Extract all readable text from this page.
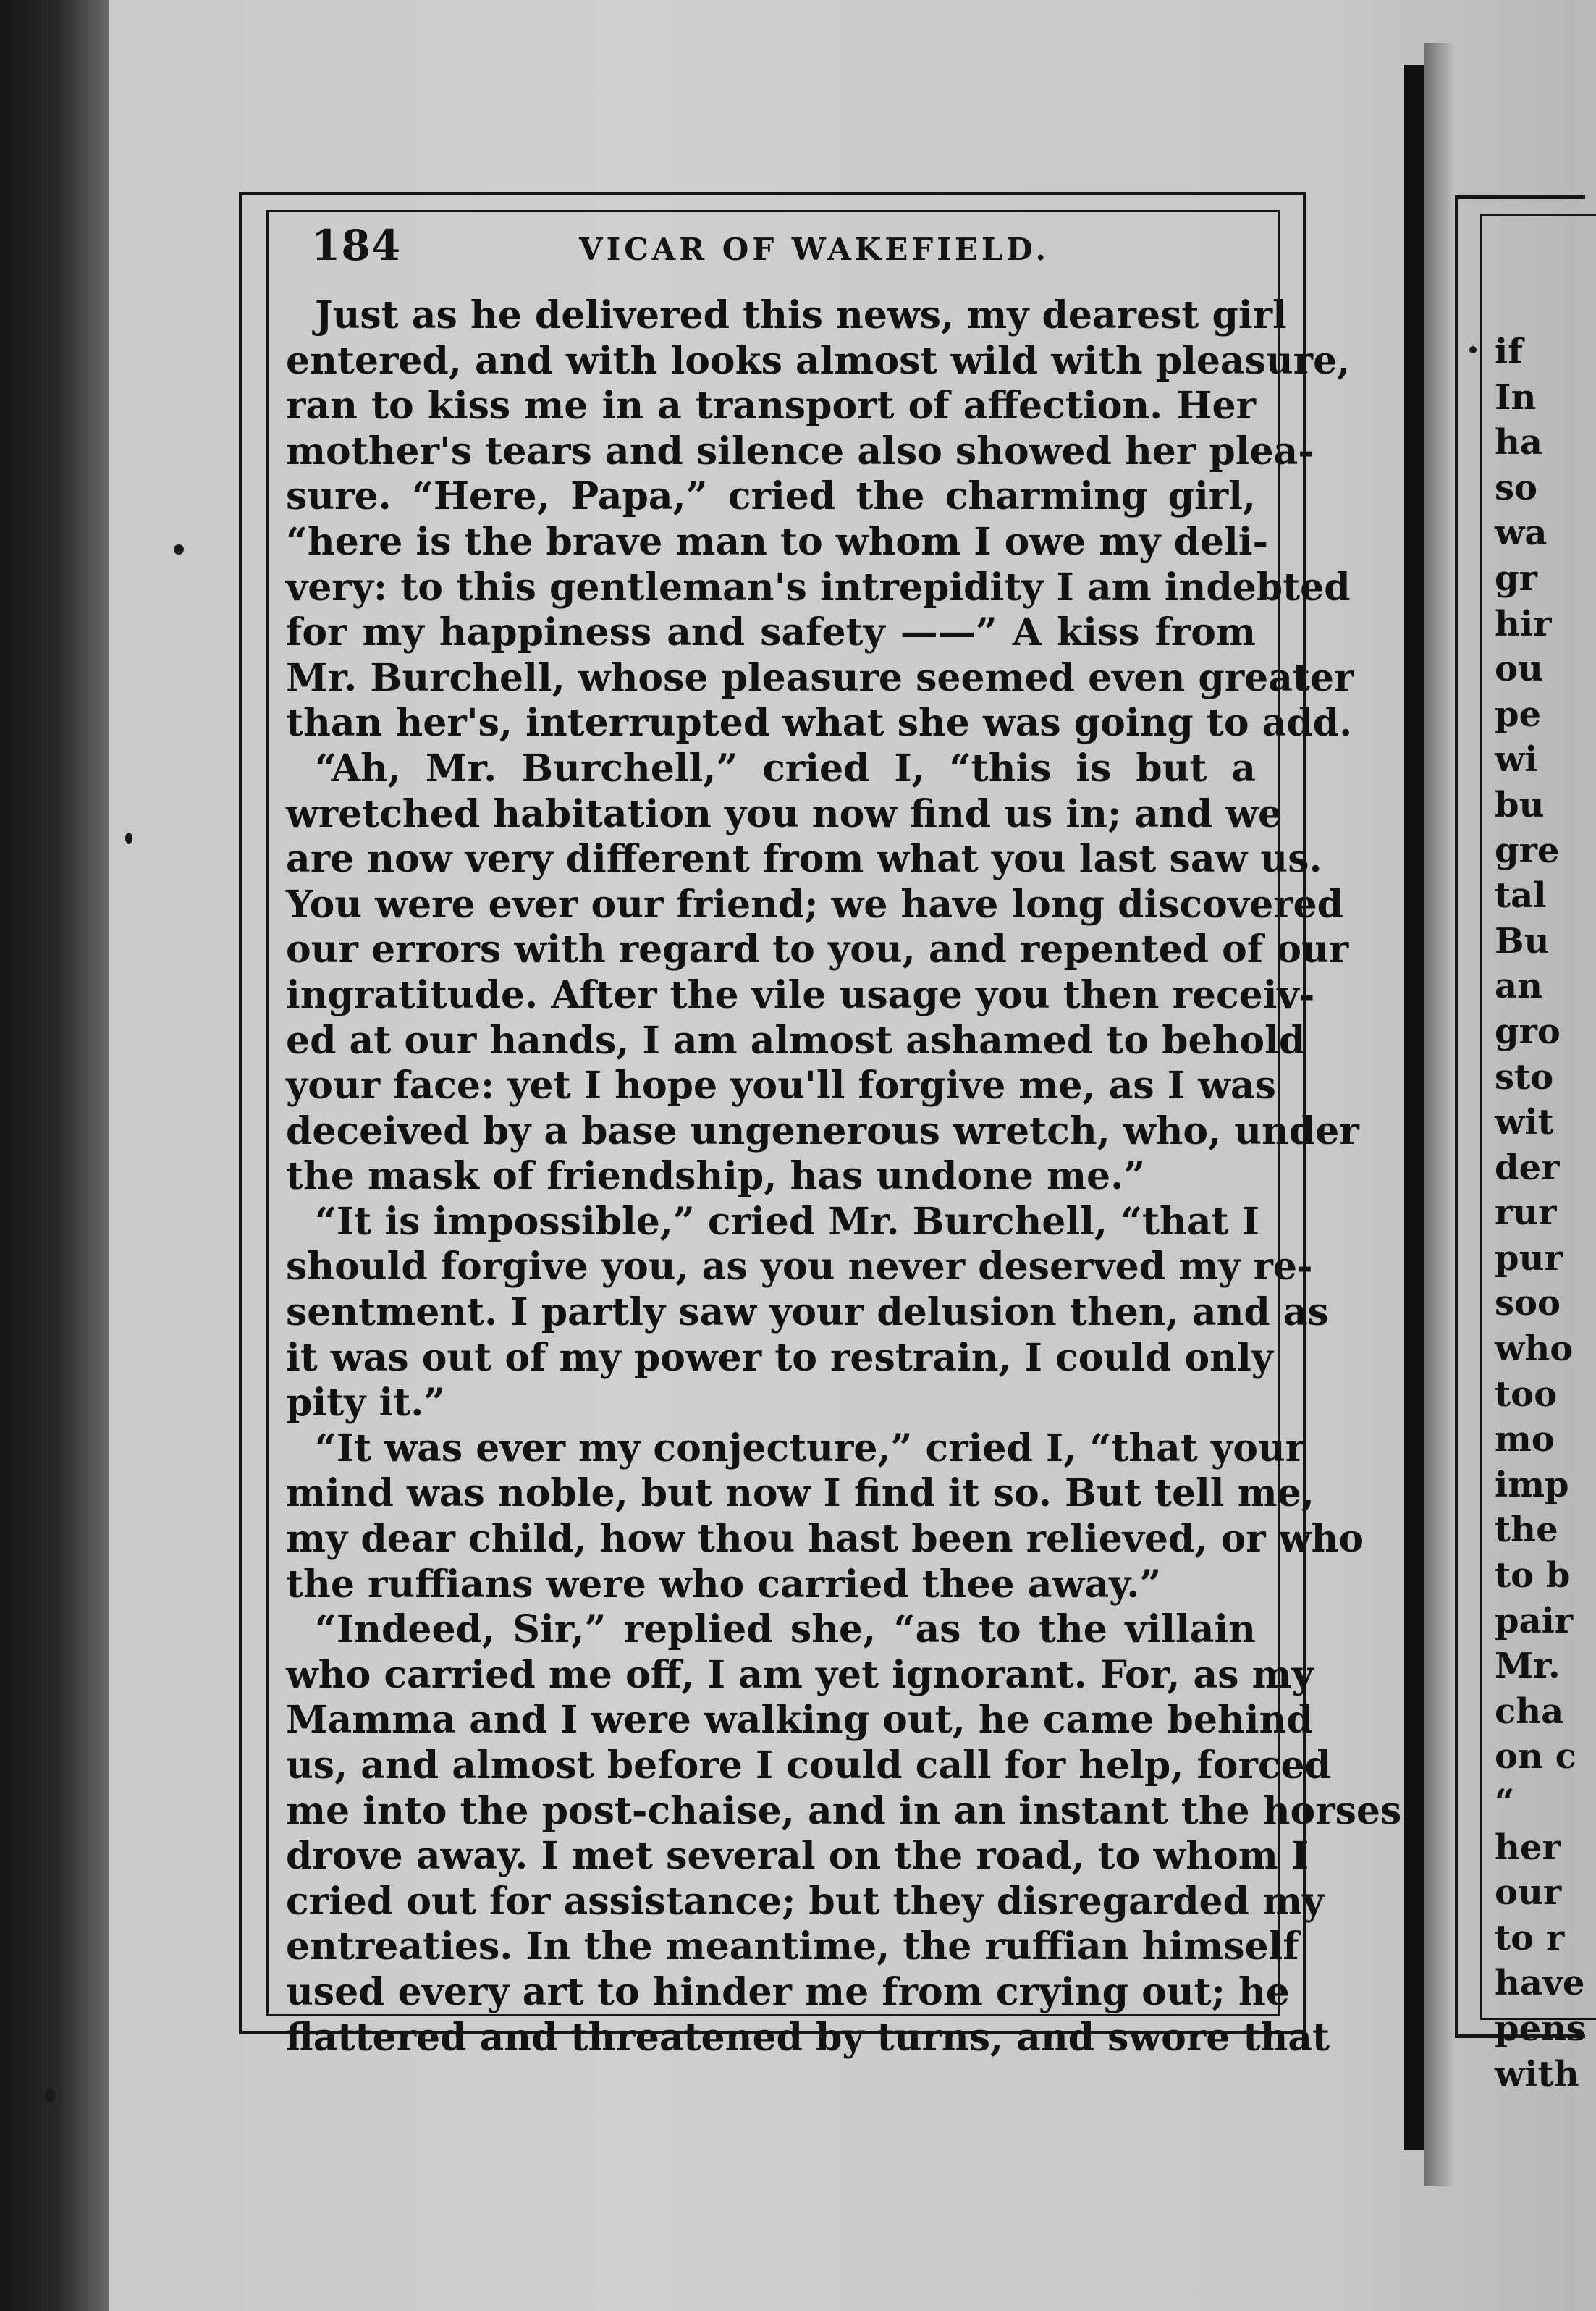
184	VICAR OF WAKEFIELD.
Just as he delivered this news, my dearest girl
entered, and with looks almost wild with pleasure,
ran to kiss me in a transport of affection. Her
mother's tears and silence also showed her plea-
sure. “Here, Papa,” cried the charming girl,
“here is the brave man to whom I owe my deli-
very: to this gentleman's intrepidity I am indebted
for my happiness and safety ——” A kiss from
Mr. Burchell, whose pleasure seemed even greater
than her's, interrupted what she was going to add.
“Ah, Mr. Burchell,” cried I, “this is but a
wretched habitation you now find us in; and we
are now very different from what you last saw us.
You were ever our friend; we have long discovered
our errors with regard to you, and repented of our
ingratitude. After the vile usage you then receiv-
ed at our hands, I am almost ashamed to behold
your face: yet I hope you'll forgive me, as I was
deceived by a base ungenerous wretch, who, under
the mask of friendship, has undone me.”
“It is impossible,” cried Mr. Burchell, “that I
should forgive you, as you never deserved my re-
sentment. I partly saw your delusion then, and as
it was out of my power to restrain, I could only
pity it.”
“It was ever my conjecture,” cried I, “that your
mind was noble, but now I find it so. But tell me,
my dear child, how thou hast been relieved, or who
the ruffians were who carried thee away.”
“Indeed, Sir,” replied she, “as to the villain
who carried me off, I am yet ignorant. For, as my
Mamma and I were walking out, he came behind
us, and almost before I could call for help, forced
me into the post-chaise, and in an instant the horses
drove away. I met several on the road, to whom I
cried out for assistance; but they disregarded my
entreaties. In the meantime, the ruffian himself
used every art to hinder me from crying out; he
flattered and threatened by turns, and swore that
if
In
ha
so
wa
gr
hir
ou
pe
wi
bu
gre
tal
Bu
an
gro
sto
wit
der
rur
pur
soo
who
too
mo
imp
the
to b
pair
Mr.
cha
on c
“
her
our
to r
have
pens
with
